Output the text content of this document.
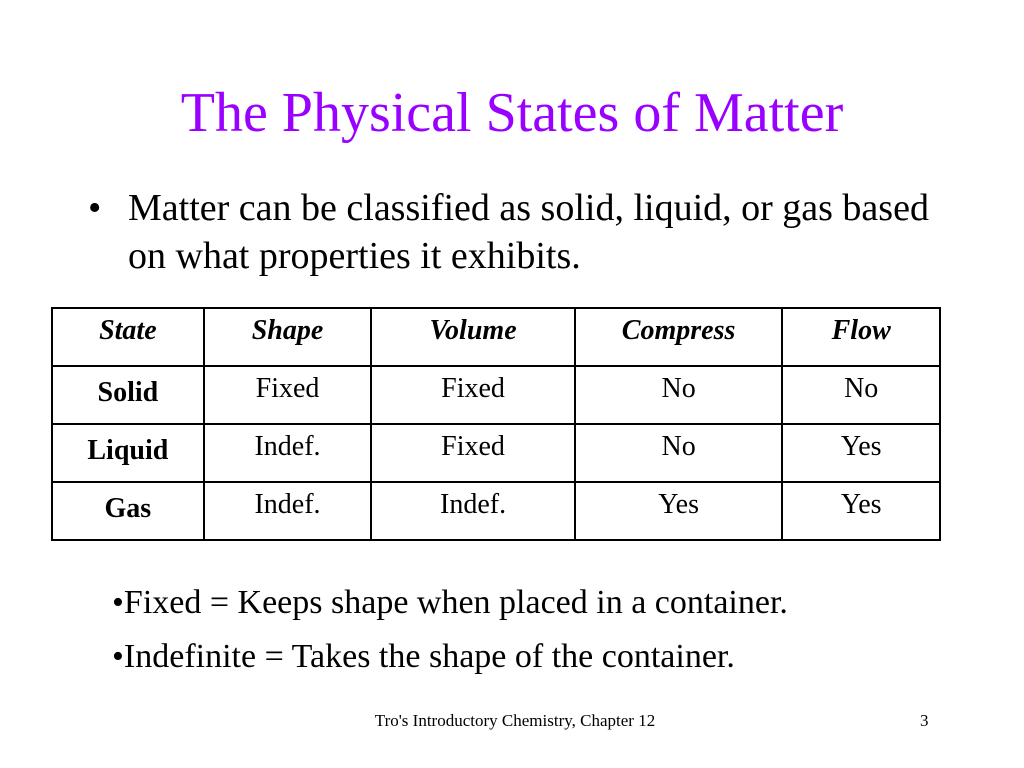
The Physical States of Matter
• Matter can be classified as solid, liquid, or gas based on what properties it exhibits.
State	Shape	Volume	Compress	Flow
Solid	Fixed	Fixed	No	No
Liquid	Indef.	Fixed	No	Yes
Gas	Indef.	Indef.	Yes	Yes
•Fixed = Keeps shape when placed in a container.
•Indefinite = Takes the shape of the container.
Tro's Introductory Chemistry, Chapter 12	3
